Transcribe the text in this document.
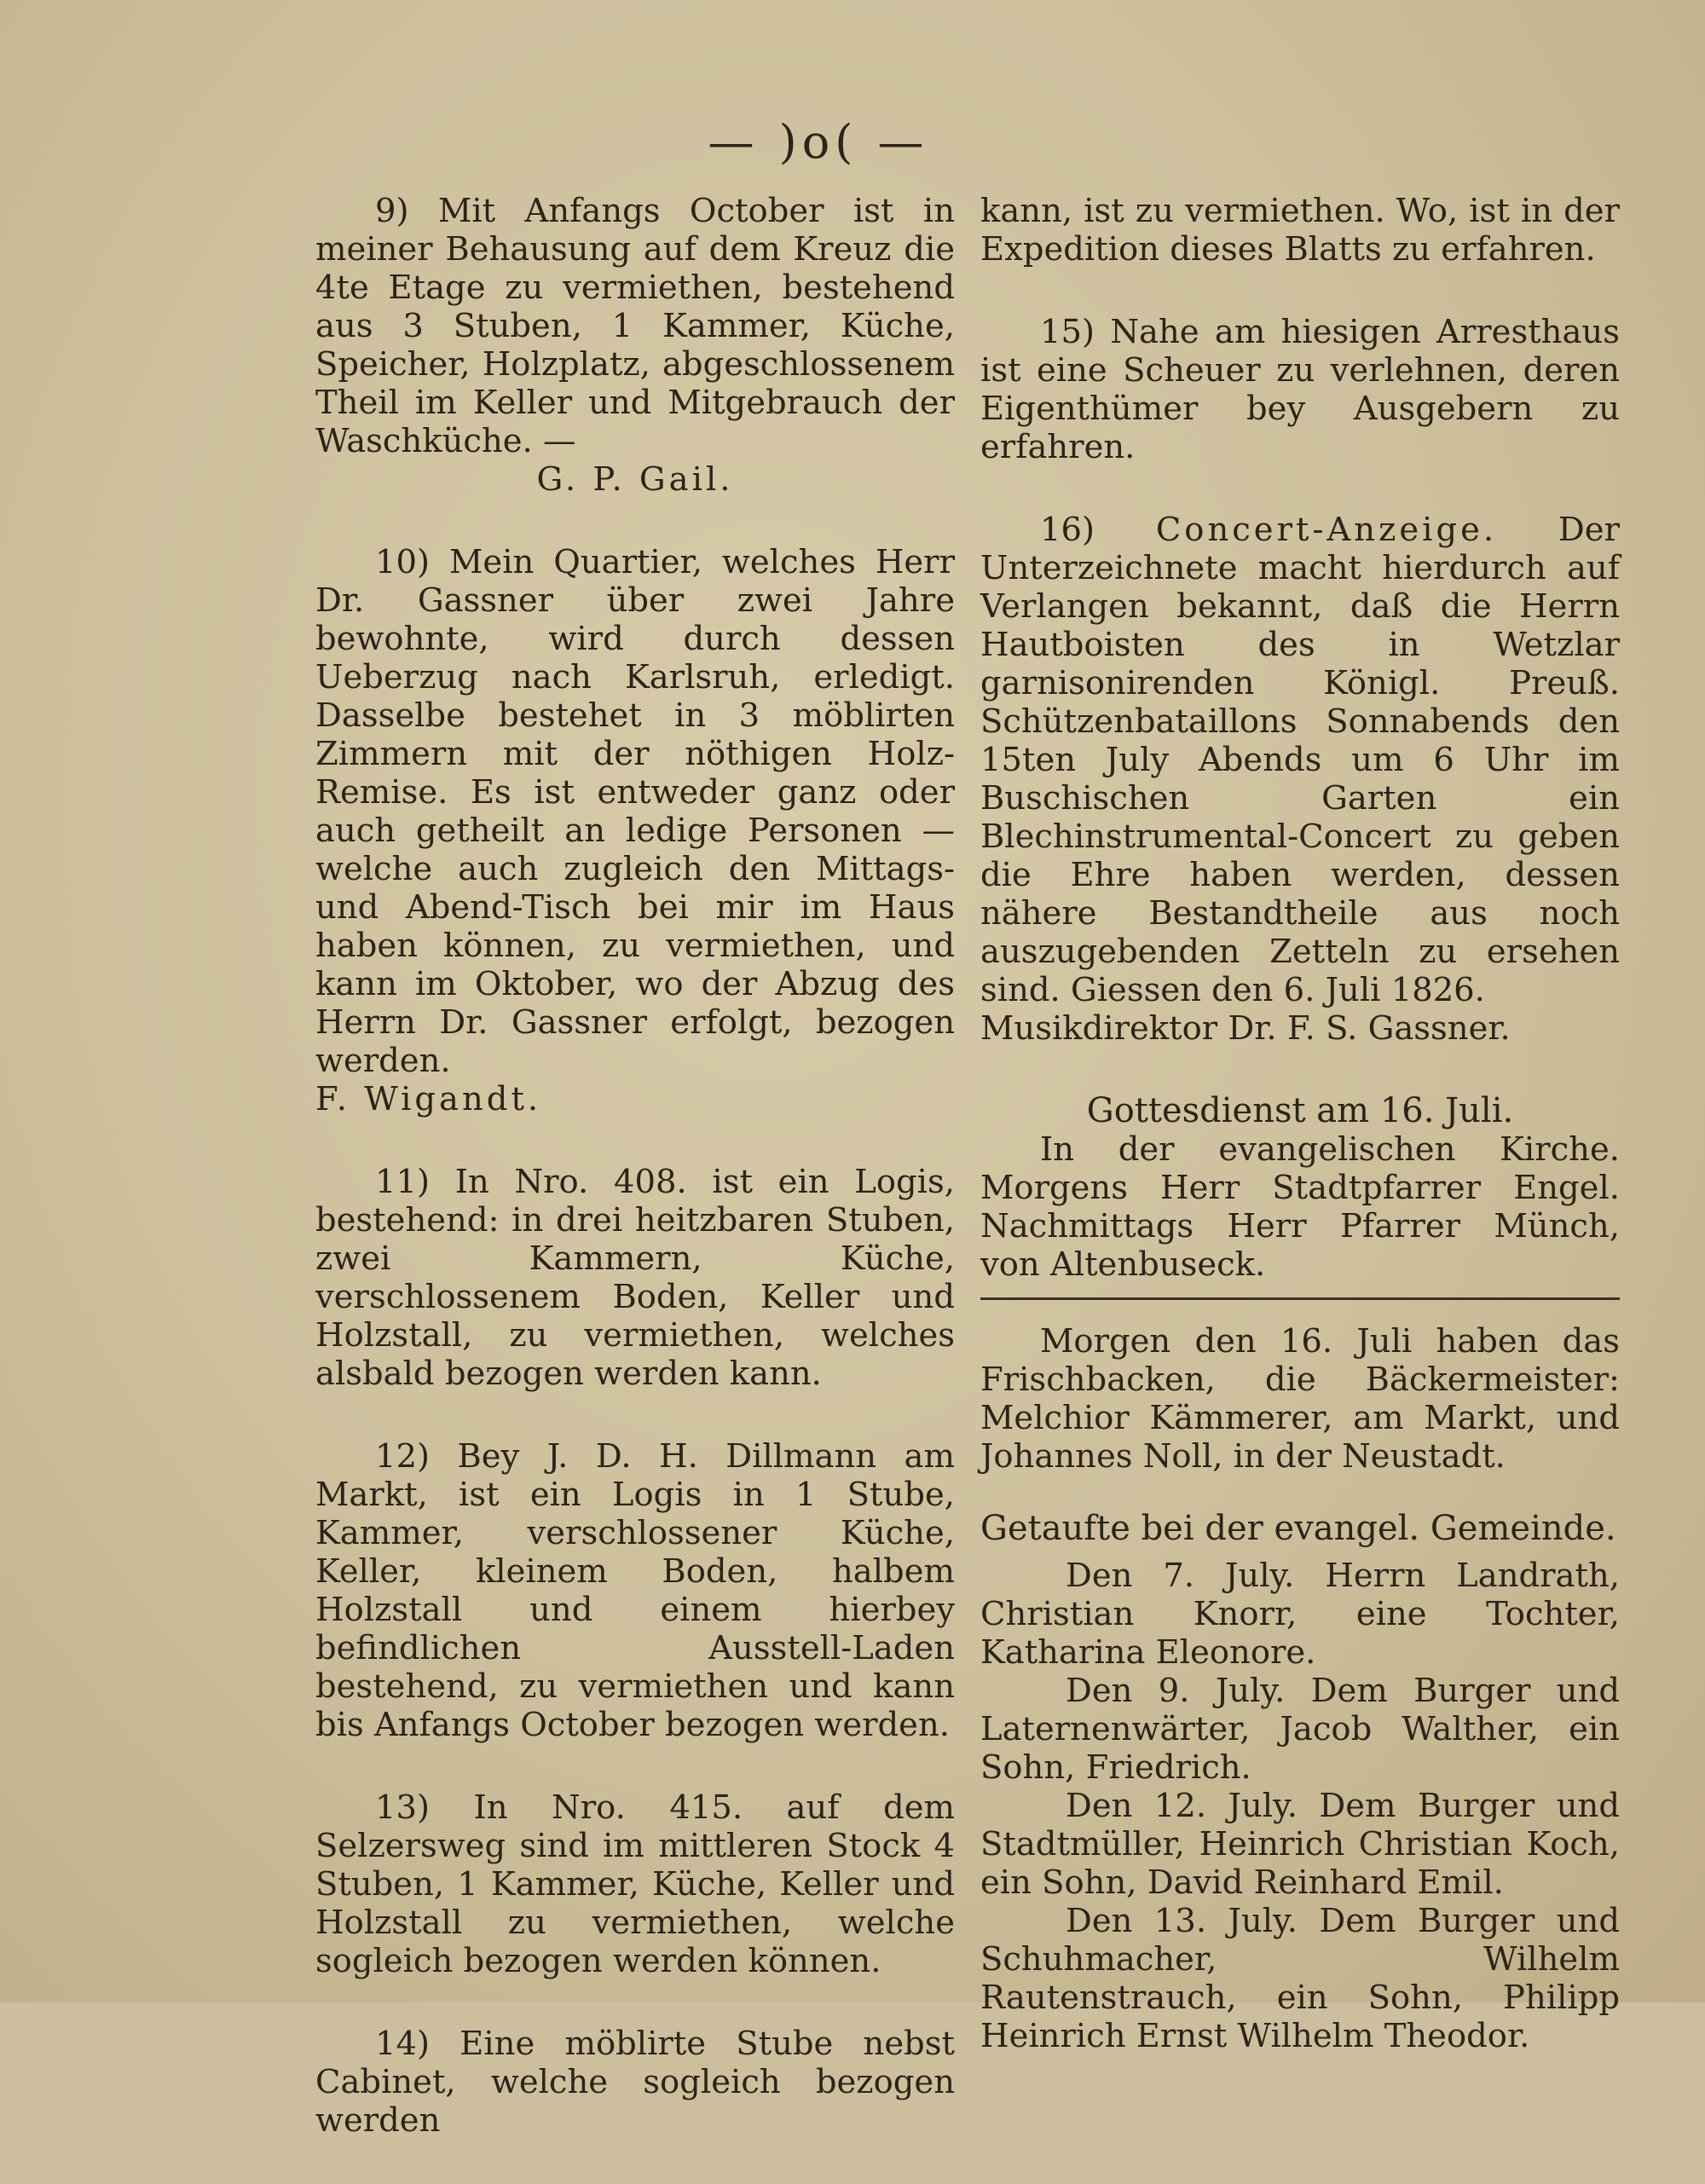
— )o( —

9) Mit Anfangs October ist in meiner Behausung auf dem Kreuz die 4te Etage zu vermiethen, bestehend aus 3 Stuben, 1 Kammer, Küche, Speicher, Holzplatz, abgeschlossenem Theil im Keller und Mitgebrauch der Waschküche. —

G. P. Gail.

10) Mein Quartier, welches Herr Dr. Gassner über zwei Jahre bewohnte, wird durch dessen Ueberzug nach Karlsruh, erledigt. Dasselbe bestehet in 3 möblirten Zimmern mit der nöthigen Holz-Remise. Es ist entweder ganz oder auch getheilt an ledige Personen — welche auch zugleich den Mittags- und Abend-Tisch bei mir im Haus haben können, zu vermiethen, und kann im Oktober, wo der Abzug des Herrn Dr. Gassner erfolgt, bezogen werden.

F. Wigandt.

11) In Nro. 408. ist ein Logis, bestehend: in drei heitzbaren Stuben, zwei Kammern, Küche, verschlossenem Boden, Keller und Holzstall, zu vermiethen, welches alsbald bezogen werden kann.

12) Bey J. D. H. Dillmann am Markt, ist ein Logis in 1 Stube, Kammer, verschlossener Küche, Keller, kleinem Boden, halbem Holzstall und einem hierbey befindlichen Ausstell-Laden bestehend, zu vermiethen und kann bis Anfangs October bezogen werden.

13) In Nro. 415. auf dem Selzersweg sind im mittleren Stock 4 Stuben, 1 Kammer, Küche, Keller und Holzstall zu vermiethen, welche sogleich bezogen werden können.

14) Eine möblirte Stube nebst Cabinet, welche sogleich bezogen werden

kann, ist zu vermiethen. Wo, ist in der Expedition dieses Blatts zu erfahren.

15) Nahe am hiesigen Arresthaus ist eine Scheuer zu verlehnen, deren Eigenthümer bey Ausgebern zu erfahren.

16) Concert-Anzeige. Der Unterzeichnete macht hierdurch auf Verlangen bekannt, daß die Herrn Hautboisten des in Wetzlar garnisonirenden Königl. Preuß. Schützenbataillons Sonnabends den 15ten July Abends um 6 Uhr im Buschischen Garten ein Blechinstrumental-Concert zu geben die Ehre haben werden, dessen nähere Bestandtheile aus noch auszugebenden Zetteln zu ersehen sind. Giessen den 6. Juli 1826.

Musikdirektor Dr. F. S. Gassner.

Gottesdienst am 16. Juli.

In der evangelischen Kirche. Morgens Herr Stadtpfarrer Engel. Nachmittags Herr Pfarrer Münch, von Altenbuseck.

Morgen den 16. Juli haben das Frischbacken, die Bäckermeister: Melchior Kämmerer, am Markt, und Johannes Noll, in der Neustadt.

Getaufte bei der evangel. Gemeinde.

Den 7. July. Herrn Landrath, Christian Knorr, eine Tochter, Katharina Eleonore.

Den 9. July. Dem Burger und Laternenwärter, Jacob Walther, ein Sohn, Friedrich.

Den 12. July. Dem Burger und Stadtmüller, Heinrich Christian Koch, ein Sohn, David Reinhard Emil.

Den 13. July. Dem Burger und Schuhmacher, Wilhelm Rautenstrauch, ein Sohn, Philipp Heinrich Ernst Wilhelm Theodor.
